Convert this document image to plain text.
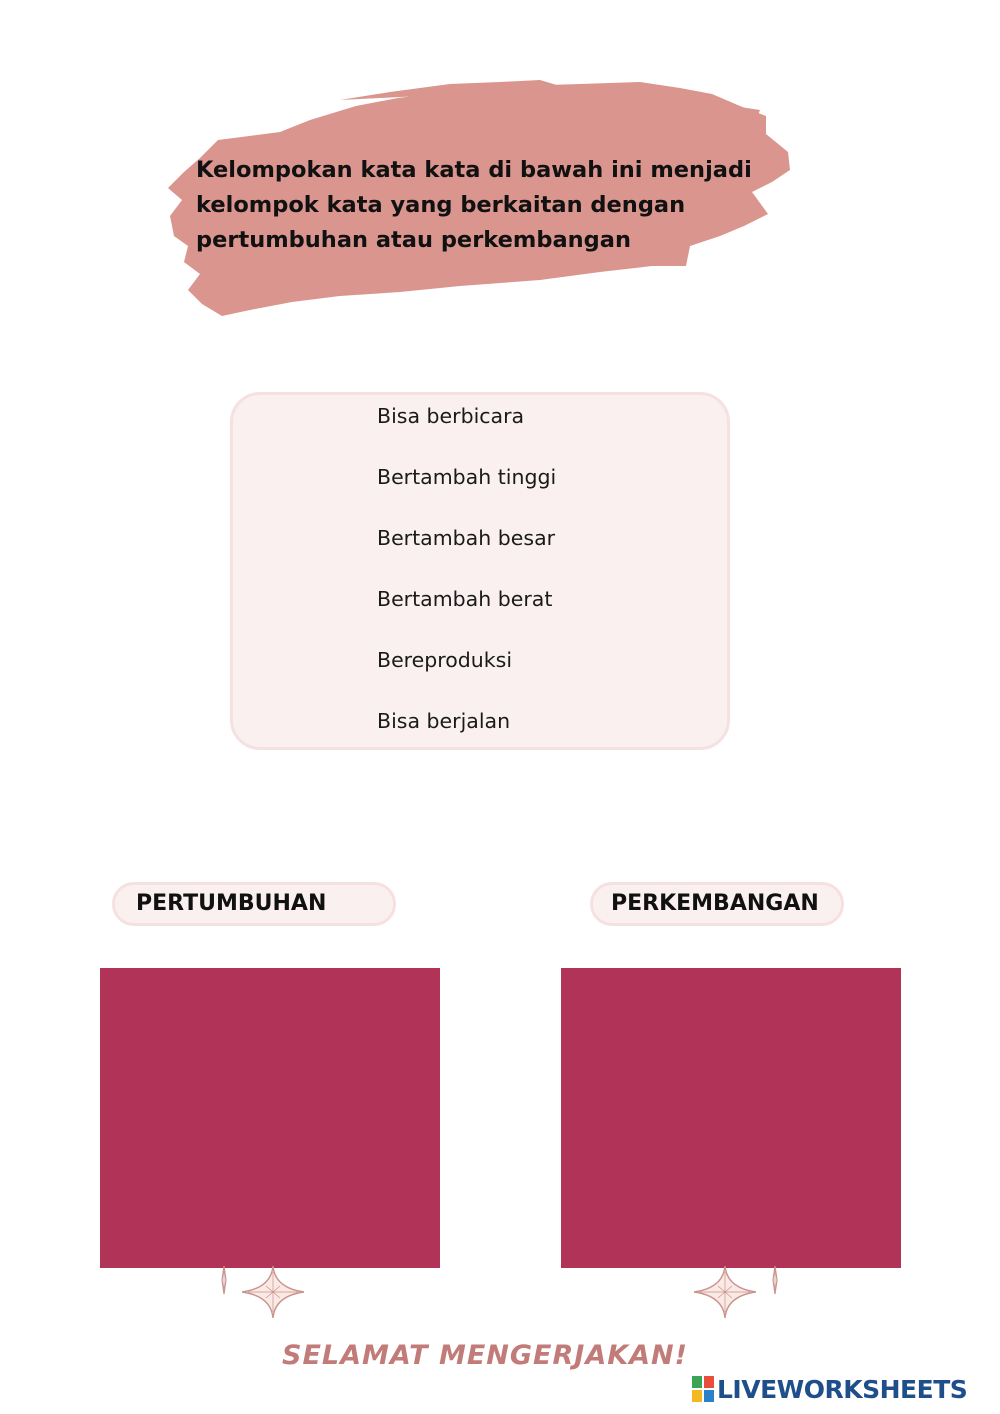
Kelompokan kata kata di bawah ini menjadi
kelompok kata yang berkaitan dengan
pertumbuhan atau perkembangan
Bisa berbicara
Bertambah tinggi
Bertambah besar
Bertambah berat
Bereproduksi
Bisa berjalan
PERTUMBUHAN	PERKEMBANGAN
SELAMAT MENGERJAKAN!
LIVEWORKSHEETS
